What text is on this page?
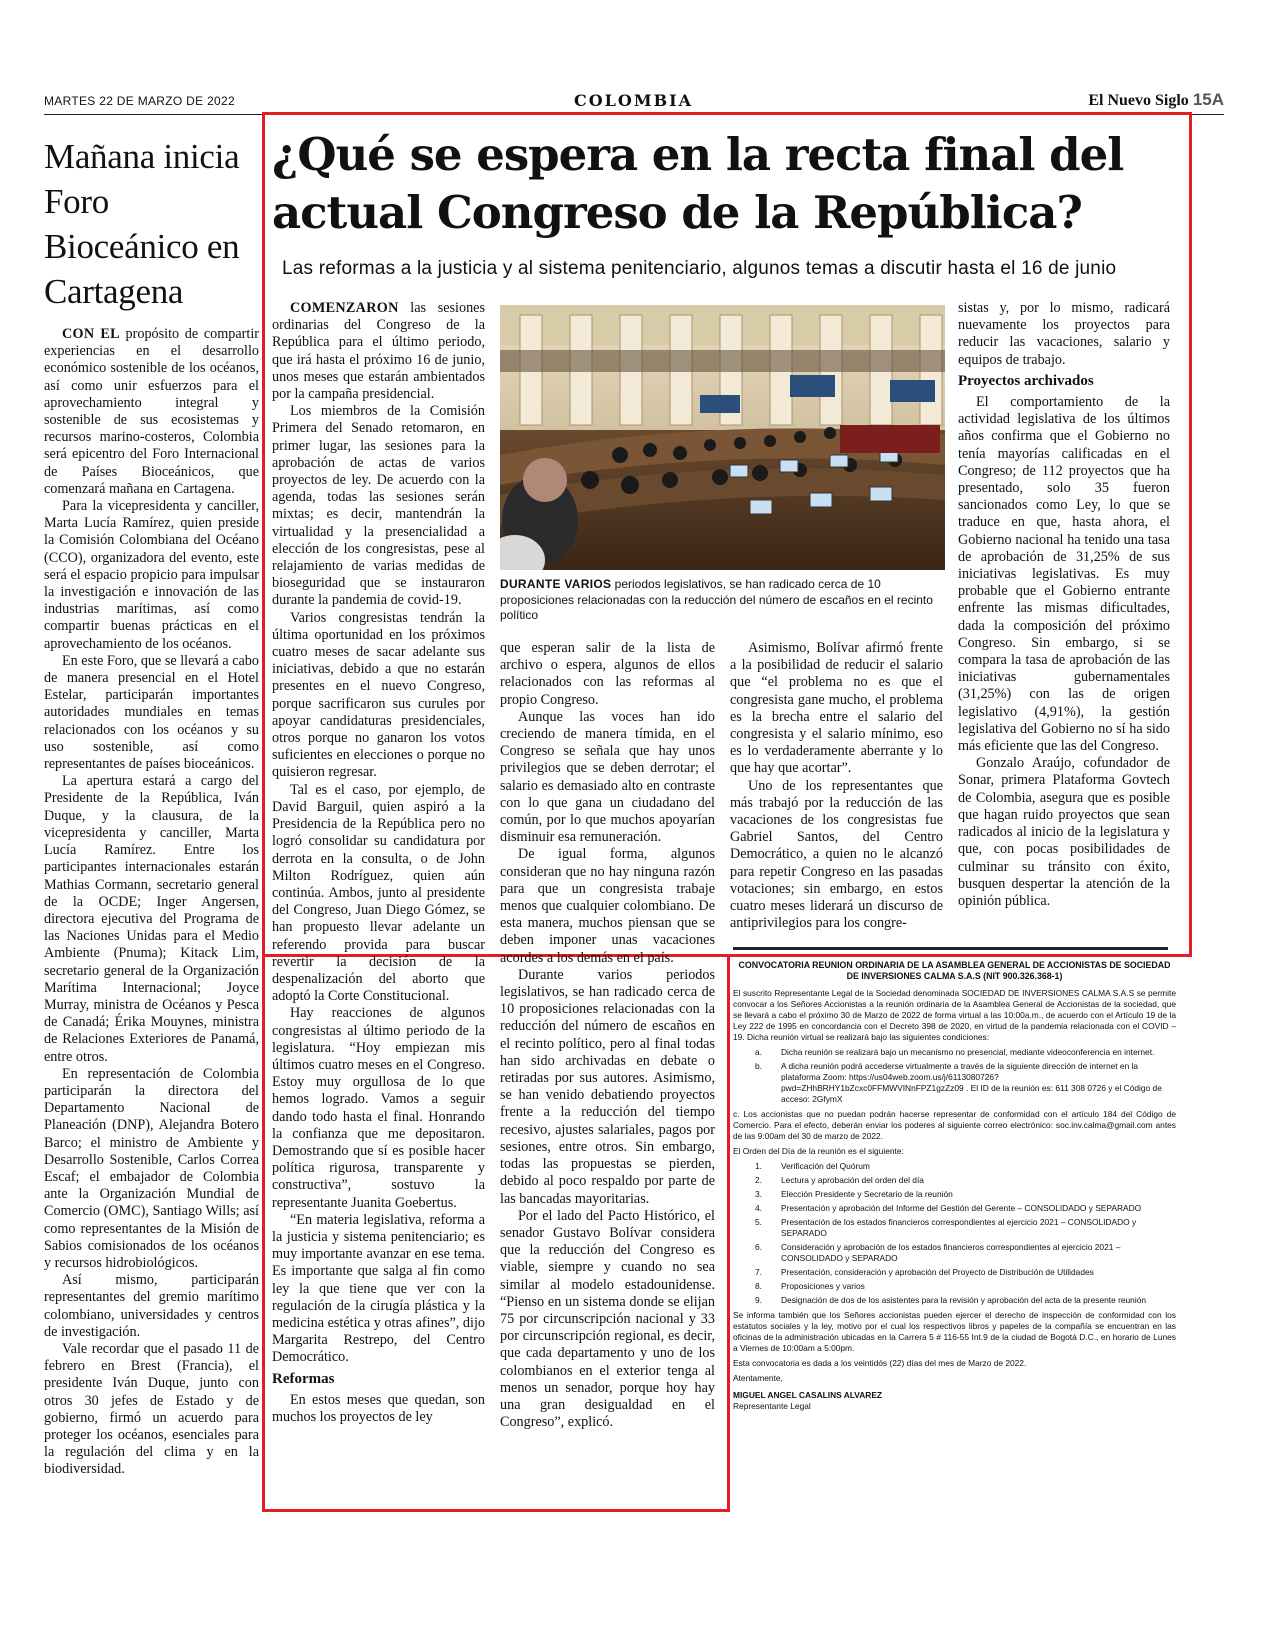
MARTES 22 DE MARZO DE 2022	COLOMBIA	El Nuevo Siglo 15A
Mañana inicia Foro Bioceánico en Cartagena

CON EL propósito de compartir experiencias en el desarrollo económico sostenible de los océanos, así como unir esfuerzos para el aprovechamiento integral y sostenible de sus ecosistemas y recursos marino-costeros, Colombia será epicentro del Foro Internacional de Países Bioceánicos, que comenzará mañana en Cartagena.

Para la vicepresidenta y canciller, Marta Lucía Ramírez, quien preside la Comisión Colombiana del Océano (CCO), organizadora del evento, este será el espacio propicio para impulsar la investigación e innovación de las industrias marítimas, así como compartir buenas prácticas en el aprovechamiento de los océanos.

En este Foro, que se llevará a cabo de manera presencial en el Hotel Estelar, participarán importantes autoridades mundiales en temas relacionados con los océanos y su uso sostenible, así como representantes de países bioceánicos.

La apertura estará a cargo del Presidente de la República, Iván Duque, y la clausura, de la vicepresidenta y canciller, Marta Lucía Ramírez. Entre los participantes internacionales estarán Mathias Cormann, secretario general de la OCDE; Inger Angersen, directora ejecutiva del Programa de las Naciones Unidas para el Medio Ambiente (Pnuma); Kitack Lim, secretario general de la Organización Marítima Internacional; Joyce Murray, ministra de Océanos y Pesca de Canadá; Érika Mouynes, ministra de Relaciones Exteriores de Panamá, entre otros.

En representación de Colombia participarán la directora del Departamento Nacional de Planeación (DNP), Alejandra Botero Barco; el ministro de Ambiente y Desarrollo Sostenible, Carlos Correa Escaf; el embajador de Colombia ante la Organización Mundial de Comercio (OMC), Santiago Wills; así como representantes de la Misión de Sabios comisionados de los océanos y recursos hidrobiológicos.

Así mismo, participarán representantes del gremio marítimo colombiano, universidades y centros de investigación.

Vale recordar que el pasado 11 de febrero en Brest (Francia), el presidente Iván Duque, junto con otros 30 jefes de Estado y de gobierno, firmó un acuerdo para proteger los océanos, esenciales para la regulación del clima y en la biodiversidad.

¿Qué se espera en la recta final del actual Congreso de la República?

Las reformas a la justicia y al sistema penitenciario, algunos temas a discutir hasta el 16 de junio

COMENZARON las sesiones ordinarias del Congreso de la República para el último periodo, que irá hasta el próximo 16 de junio, unos meses que estarán ambientados por la campaña presidencial.

Los miembros de la Comisión Primera del Senado retomaron, en primer lugar, las sesiones para la aprobación de actas de varios proyectos de ley. De acuerdo con la agenda, todas las sesiones serán mixtas; es decir, mantendrán la virtualidad y la presencialidad a elección de los congresistas, pese al relajamiento de varias medidas de bioseguridad que se instauraron durante la pandemia de covid-19.

Varios congresistas tendrán la última oportunidad en los próximos cuatro meses de sacar adelante sus iniciativas, debido a que no estarán presentes en el nuevo Congreso, porque sacrificaron sus curules por apoyar candidaturas presidenciales, otros porque no ganaron los votos suficientes en elecciones o porque no quisieron regresar.

Tal es el caso, por ejemplo, de David Barguil, quien aspiró a la Presidencia de la República pero no logró consolidar su candidatura por derrota en la consulta, o de John Milton Rodríguez, quien aún continúa. Ambos, junto al presidente del Congreso, Juan Diego Gómez, se han propuesto llevar adelante un referendo provida para buscar revertir la decisión de la despenalización del aborto que adoptó la Corte Constitucional.

Hay reacciones de algunos congresistas al último periodo de la legislatura. “Hoy empiezan mis últimos cuatro meses en el Congreso. Estoy muy orgullosa de lo que hemos logrado. Vamos a seguir dando todo hasta el final. Honrando la confianza que me depositaron. Demostrando que sí es posible hacer política rigurosa, transparente y constructiva”, sostuvo la representante Juanita Goebertus.

“En materia legislativa, reforma a la justicia y sistema penitenciario; es muy importante avanzar en ese tema. Es importante que salga al fin como ley la que tiene que ver con la regulación de la cirugía plástica y la medicina estética y otras afines”, dijo Margarita Restrepo, del Centro Democrático.

Reformas

En estos meses que quedan, son muchos los proyectos de ley

DURANTE VARIOS periodos legislativos, se han radicado cerca de 10 proposiciones relacionadas con la reducción del número de escaños en el recinto político

que esperan salir de la lista de archivo o espera, algunos de ellos relacionados con las reformas al propio Congreso.

Aunque las voces han ido creciendo de manera tímida, en el Congreso se señala que hay unos privilegios que se deben derrotar; el salario es demasiado alto en contraste con lo que gana un ciudadano del común, por lo que muchos apoyarían disminuir esa remuneración.

De igual forma, algunos consideran que no hay ninguna razón para que un congresista trabaje menos que cualquier colombiano. De esta manera, muchos piensan que se deben imponer unas vacaciones acordes a los demás en el país.

Durante varios periodos legislativos, se han radicado cerca de 10 proposiciones relacionadas con la reducción del número de escaños en el recinto político, pero al final todas han sido archivadas en debate o retiradas por sus autores. Asimismo, se han venido debatiendo proyectos frente a la reducción del tiempo recesivo, ajustes salariales, pagos por sesiones, entre otros. Sin embargo, todas las propuestas se pierden, debido al poco respaldo por parte de las bancadas mayoritarias.

Por el lado del Pacto Histórico, el senador Gustavo Bolívar considera que la reducción del Congreso es viable, siempre y cuando no sea similar al modelo estadounidense. “Pienso en un sistema donde se elijan 75 por circunscripción nacional y 33 por circunscripción regional, es decir, que cada departamento y uno de los colombianos en el exterior tenga al menos un senador, porque hoy hay una gran desigualdad en el Congreso”, explicó.

Asimismo, Bolívar afirmó frente a la posibilidad de reducir el salario que “el problema no es que el congresista gane mucho, el problema es la brecha entre el salario del congresista y el salario mínimo, eso es lo verdaderamente aberrante y lo que hay que acortar”.

Uno de los representantes que más trabajó por la reducción de las vacaciones de los congresistas fue Gabriel Santos, del Centro Democrático, a quien no le alcanzó para repetir Congreso en las pasadas votaciones; sin embargo, en estos cuatro meses liderará un discurso de antiprivilegios para los congre-

sistas y, por lo mismo, radicará nuevamente los proyectos para reducir las vacaciones, salario y equipos de trabajo.

Proyectos archivados

El comportamiento de la actividad legislativa de los últimos años confirma que el Gobierno no tenía mayorías calificadas en el Congreso; de 112 proyectos que ha presentado, solo 35 fueron sancionados como Ley, lo que se traduce en que, hasta ahora, el Gobierno nacional ha tenido una tasa de aprobación de 31,25% de sus iniciativas legislativas. Es muy probable que el Gobierno entrante enfrente las mismas dificultades, dada la composición del próximo Congreso. Sin embargo, si se compara la tasa de aprobación de las iniciativas gubernamentales (31,25%) con las de origen legislativo (4,91%), la gestión legislativa del Gobierno no sí ha sido más eficiente que las del Congreso.

Gonzalo Araújo, cofundador de Sonar, primera Plataforma Govtech de Colombia, asegura que es posible que hagan ruido proyectos que sean radicados al inicio de la legislatura y que, con pocas posibilidades de culminar su tránsito con éxito, busquen despertar la atención de la opinión pública.

CONVOCATORIA REUNION ORDINARIA DE LA ASAMBLEA GENERAL DE ACCIONISTAS DE SOCIEDAD DE INVERSIONES CALMA S.A.S (NIT 900.326.368-1)

El suscrito Representante Legal de la Sociedad denominada SOCIEDAD DE INVERSIONES CALMA S.A.S se permite convocar a los Señores Accionistas a la reunión ordinaria de la Asamblea General de Accionistas de la sociedad, que se llevará a cabo el próximo 30 de Marzo de 2022 de forma virtual a las 10:00a.m., de acuerdo con el Artículo 19 de la Ley 222 de 1995 en concordancia con el Decreto 398 de 2020, en virtud de la pandemia relacionada con el COVID – 19. Dicha reunión virtual se realizará bajo las siguientes condiciones:

a. Dicha reunión se realizará bajo un mecanismo no presencial, mediante videoconferencia en internet.
b. A dicha reunión podrá accederse virtualmente a través de la siguiente dirección de internet en la plataforma Zoom: https://us04web.zoom.us/j/6113080726?pwd=ZHhBRHY1bZcxc0FFMWVINnFPZ1gzZz09 . El ID de la reunión es: 611 308 0726 y el Código de acceso: 2GfymX

c. Los accionistas que no puedan podrán hacerse representar de conformidad con el artículo 184 del Código de Comercio. Para el efecto, deberán enviar los poderes al siguiente correo electrónico: soc.inv.calma@gmail.com antes de las 9:00am del 30 de marzo de 2022.

El Orden del Día de la reunión es el siguiente:

1. Verificación del Quórum
2. Lectura y aprobación del orden del día
3. Elección Presidente y Secretario de la reunión
4. Presentación y aprobación del Informe del Gestión del Gerente – CONSOLIDADO y SEPARADO
5. Presentación de los estados financieros correspondientes al ejercicio 2021 – CONSOLIDADO y SEPARADO
6. Consideración y aprobación de los estados financieros correspondientes al ejercicio 2021 – CONSOLIDADO y SEPARADO
7. Presentación, consideración y aprobación del Proyecto de Distribución de Utilidades
8. Proposiciones y varios
9. Designación de dos de los asistentes para la revisión y aprobación del acta de la presente reunión

Se informa también que los Señores accionistas pueden ejercer el derecho de inspección de conformidad con los estatutos sociales y la ley, motivo por el cual los respectivos libros y papeles de la compañía se encuentran en las oficinas de la administración ubicadas en la Carrera 5 # 116-55 Int.9 de la ciudad de Bogotá D.C., en horario de Lunes a Viernes de 10:00am a 5:00pm.

Esta convocatoria es dada a los veintidós (22) días del mes de Marzo de 2022.

Atentamente,

MIGUEL ANGEL CASALINS ALVAREZ
Representante Legal
